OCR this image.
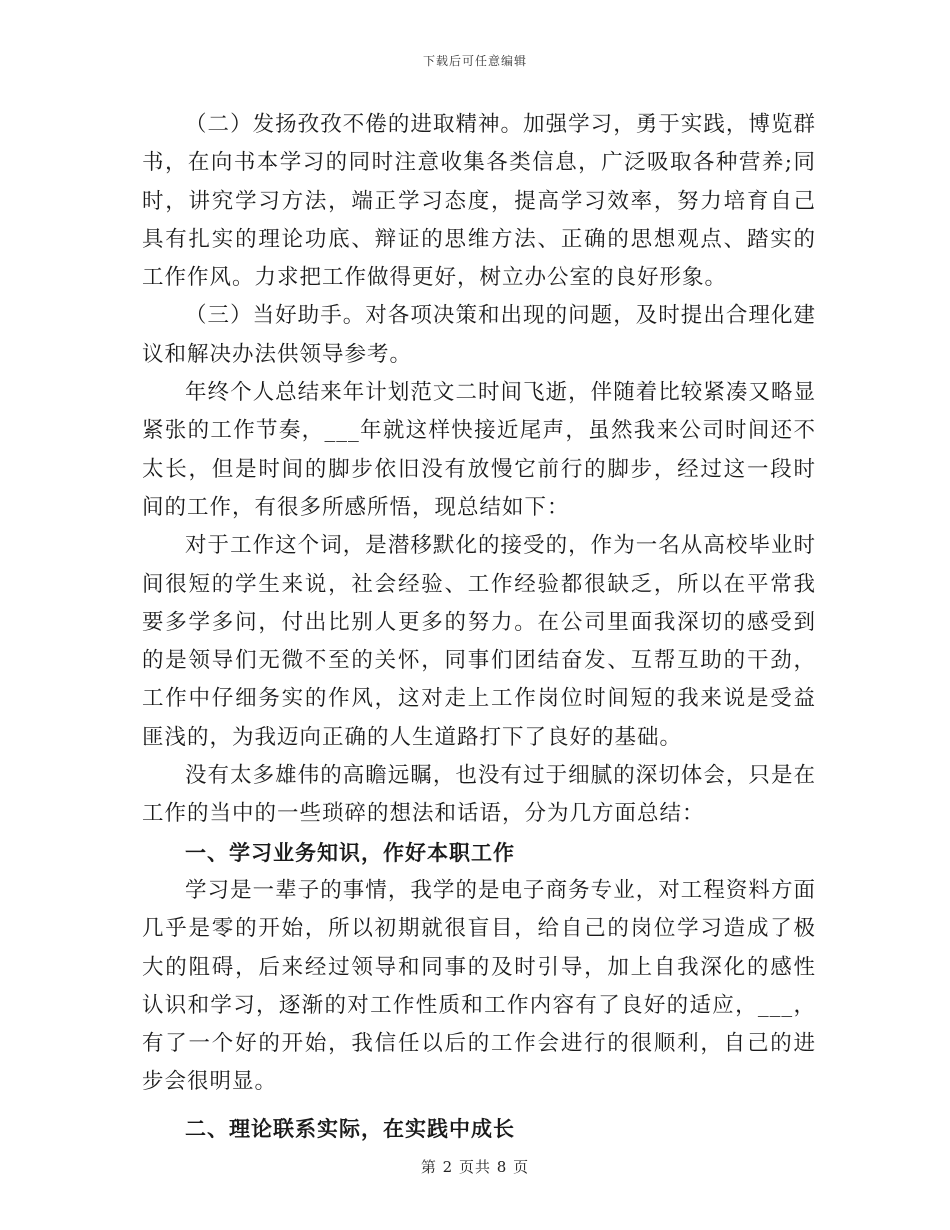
下载后可任意编辑

（二）发扬孜孜不倦的进取精神。加强学习，勇于实践，博览群书，在向书本学习的同时注意收集各类信息，广泛吸取各种营养;同时，讲究学习方法，端正学习态度，提高学习效率，努力培育自己具有扎实的理论功底、辩证的思维方法、正确的思想观点、踏实的工作作风。力求把工作做得更好，树立办公室的良好形象。

（三）当好助手。对各项决策和出现的问题，及时提出合理化建议和解决办法供领导参考。

年终个人总结来年计划范文二时间飞逝，伴随着比较紧凑又略显紧张的工作节奏，___年就这样快接近尾声，虽然我来公司时间还不太长，但是时间的脚步依旧没有放慢它前行的脚步，经过这一段时间的工作，有很多所感所悟，现总结如下：

对于工作这个词，是潜移默化的接受的，作为一名从高校毕业时间很短的学生来说，社会经验、工作经验都很缺乏，所以在平常我要多学多问，付出比别人更多的努力。在公司里面我深切的感受到的是领导们无微不至的关怀，同事们团结奋发、互帮互助的干劲，工作中仔细务实的作风，这对走上工作岗位时间短的我来说是受益匪浅的，为我迈向正确的人生道路打下了良好的基础。

没有太多雄伟的高瞻远瞩，也没有过于细腻的深切体会，只是在工作的当中的一些琐碎的想法和话语，分为几方面总结：

一、学习业务知识，作好本职工作

学习是一辈子的事情，我学的是电子商务专业，对工程资料方面几乎是零的开始，所以初期就很盲目，给自己的岗位学习造成了极大的阻碍，后来经过领导和同事的及时引导，加上自我深化的感性认识和学习，逐渐的对工作性质和工作内容有了良好的适应，___，有了一个好的开始，我信任以后的工作会进行的很顺利，自己的进步会很明显。

二、理论联系实际，在实践中成长
第 2 页共 8 页
